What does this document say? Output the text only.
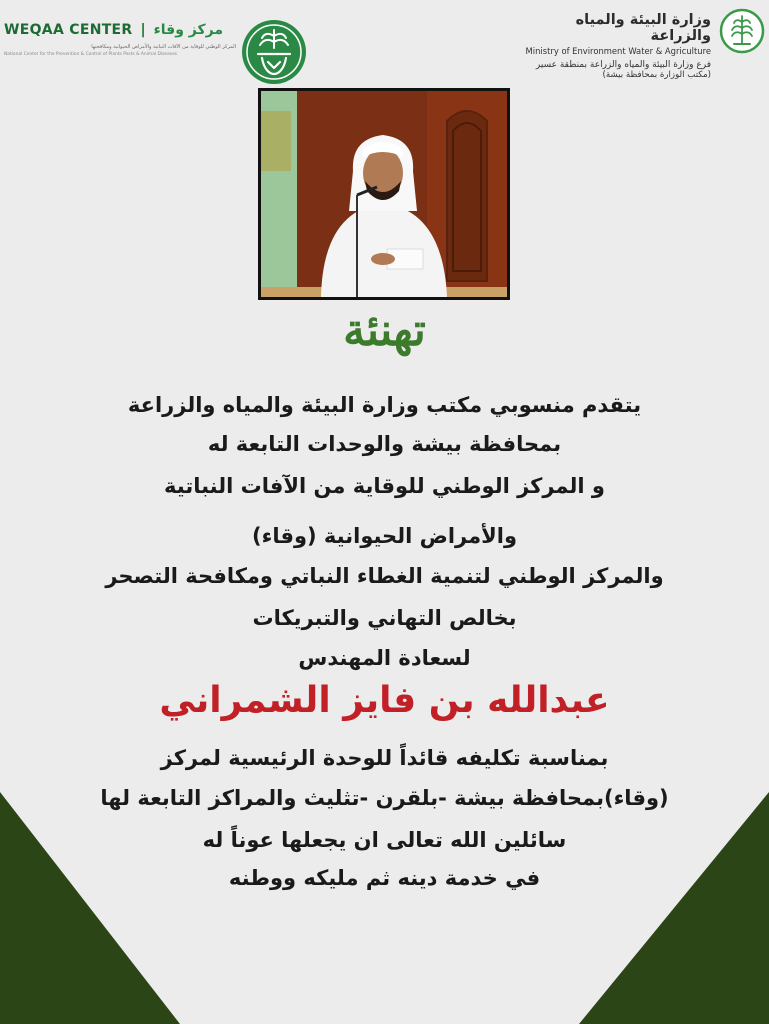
WEQAA CENTER | مركز وقاء
المركز الوطني للوقاية من الآفات النباتية والأمراض الحيوانية ومكافحتها
National Center for the Prevention & Control of Plants Pests & Animal Diseases
وزارة البيئة والمياه والزراعة
Ministry of Environment Water & Agriculture
فرع وزارة البيئة والمياه والزراعة بمنطقة عسير
(مكتب الوزارة بمحافظة بيشة)
تهنئة
يتقدم منسوبي مكتب وزارة البيئة والمياه والزراعة
بمحافظة بيشة والوحدات التابعة له
و المركز الوطني للوقاية من الآفات النباتية
والأمراض الحيوانية (وقاء)
والمركز الوطني لتنمية الغطاء النباتي ومكافحة التصحر
بخالص التهاني والتبريكات
لسعادة المهندس
عبدالله بن فايز الشمراني
بمناسبة تكليفه قائداً للوحدة الرئيسية لمركز
(وقاء)بمحافظة بيشة -بلقرن -تثليث والمراكز التابعة لها
سائلين الله تعالى ان يجعلها عوناً له
في خدمة دينه ثم مليكه ووطنه
